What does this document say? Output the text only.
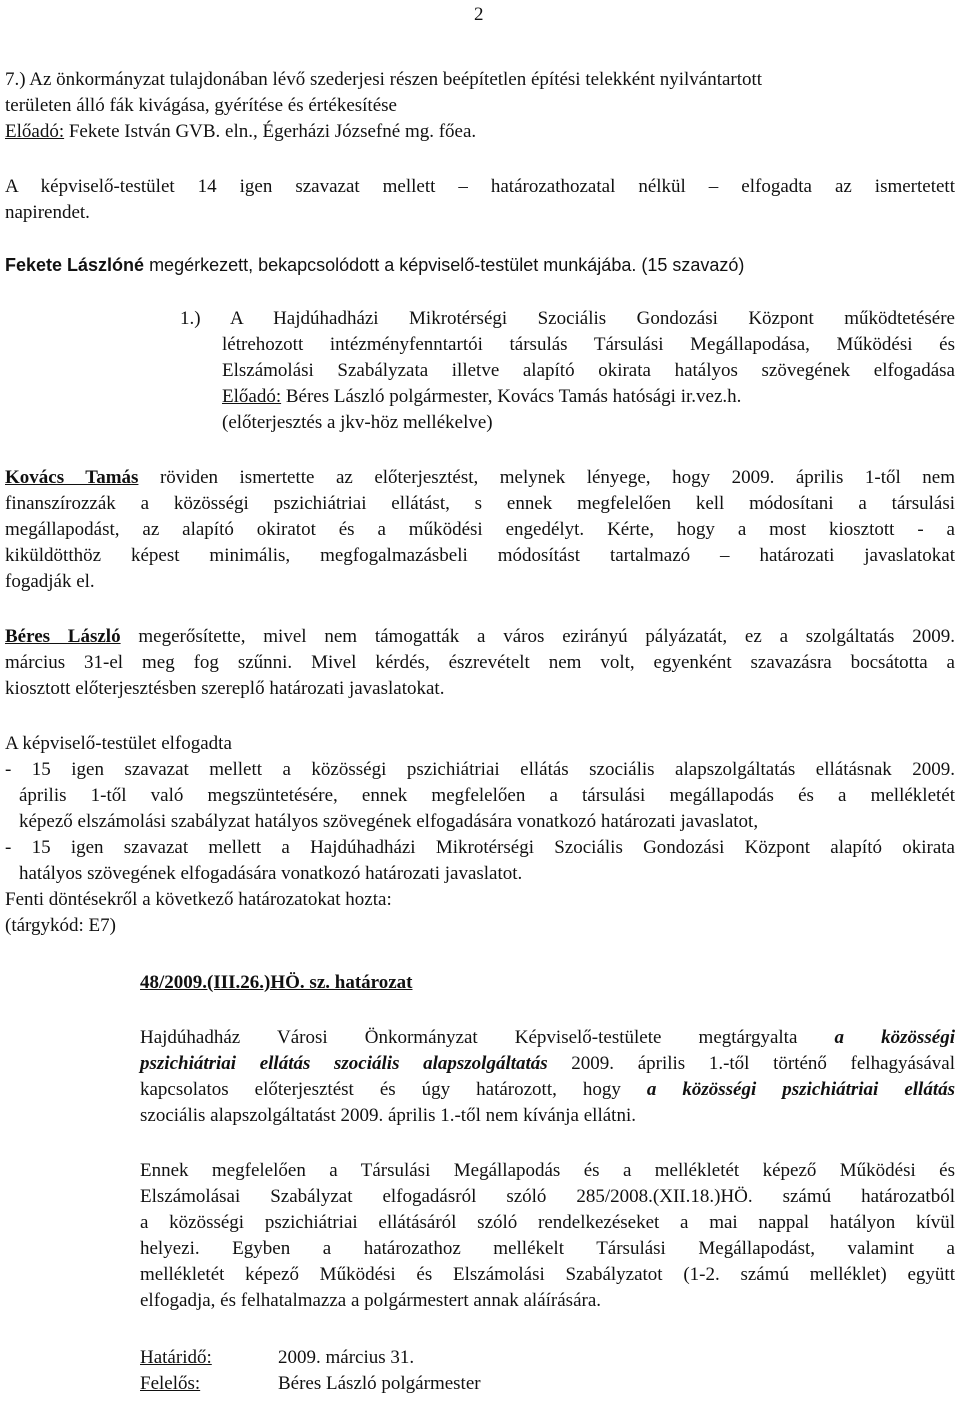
2
7.) Az önkormányzat tulajdonában lévő szederjesi részen beépítetlen építési telekként nyilvántartott
területen álló fák kivágása, gyérítése és értékesítése
Előadó: Fekete István GVB. eln., Égerházi Józsefné mg. főea.
A képviselő-testület 14 igen szavazat mellett – határozathozatal nélkül – elfogadta az ismertetett
napirendet.
Fekete Lászlóné megérkezett, bekapcsolódott a képviselő-testület munkájába. (15 szavazó)
1.) A Hajdúhadházi Mikrotérségi Szociális Gondozási Központ működtetésére
létrehozott intézményfenntartói társulás Társulási Megállapodása, Működési és
Elszámolási Szabályzata illetve alapító okirata hatályos szövegének elfogadása
Előadó: Béres László polgármester, Kovács Tamás hatósági ir.vez.h.
(előterjesztés a jkv-höz mellékelve)
Kovács Tamás röviden ismertette az előterjesztést, melynek lényege, hogy 2009. április 1-től nem
finanszírozzák a közösségi pszichiátriai ellátást, s ennek megfelelően kell módosítani a társulási
megállapodást, az alapító okiratot és a működési engedélyt. Kérte, hogy a most kiosztott - a
kiküldötthöz képest minimális, megfogalmazásbeli módosítást tartalmazó – határozati javaslatokat
fogadják el.
Béres László megerősítette, mivel nem támogatták a város ezirányú pályázatát, ez a szolgáltatás 2009.
március 31-el meg fog szűnni. Mivel kérdés, észrevételt nem volt, egyenként szavazásra bocsátotta a
kiosztott előterjesztésben szereplő határozati javaslatokat.
A képviselő-testület elfogadta
- 15 igen szavazat mellett a közösségi pszichiátriai ellátás szociális alapszolgáltatás ellátásnak 2009.
április 1-től való megszüntetésére, ennek megfelelően a társulási megállapodás és a mellékletét
képező elszámolási szabályzat hatályos szövegének elfogadására vonatkozó határozati javaslatot,
- 15 igen szavazat mellett a Hajdúhadházi Mikrotérségi Szociális Gondozási Központ alapító okirata
hatályos szövegének elfogadására vonatkozó határozati javaslatot.
Fenti döntésekről a következő határozatokat hozta:
(tárgykód: E7)
48/2009.(III.26.)HÖ. sz. határozat
Hajdúhadház Városi Önkormányzat Képviselő-testülete megtárgyalta a közösségi
pszichiátriai ellátás szociális alapszolgáltatás 2009. április 1.-től történő felhagyásával
kapcsolatos előterjesztést és úgy határozott, hogy a közösségi pszichiátriai ellátás
szociális alapszolgáltatást 2009. április 1.-től nem kívánja ellátni.
Ennek megfelelően a Társulási Megállapodás és a mellékletét képező Működési és
Elszámolásai Szabályzat elfogadásról szóló 285/2008.(XII.18.)HÖ. számú határozatból
a közösségi pszichiátriai ellátásáról szóló rendelkezéseket a mai nappal hatályon kívül
helyezi. Egyben a határozathoz mellékelt Társulási Megállapodást, valamint a
mellékletét képező Működési és Elszámolási Szabályzatot (1-2. számú melléklet) együtt
elfogadja, és felhatalmazza a polgármestert annak aláírására.
Határidő:	2009. március 31.
Felelős:	Béres László polgármester
